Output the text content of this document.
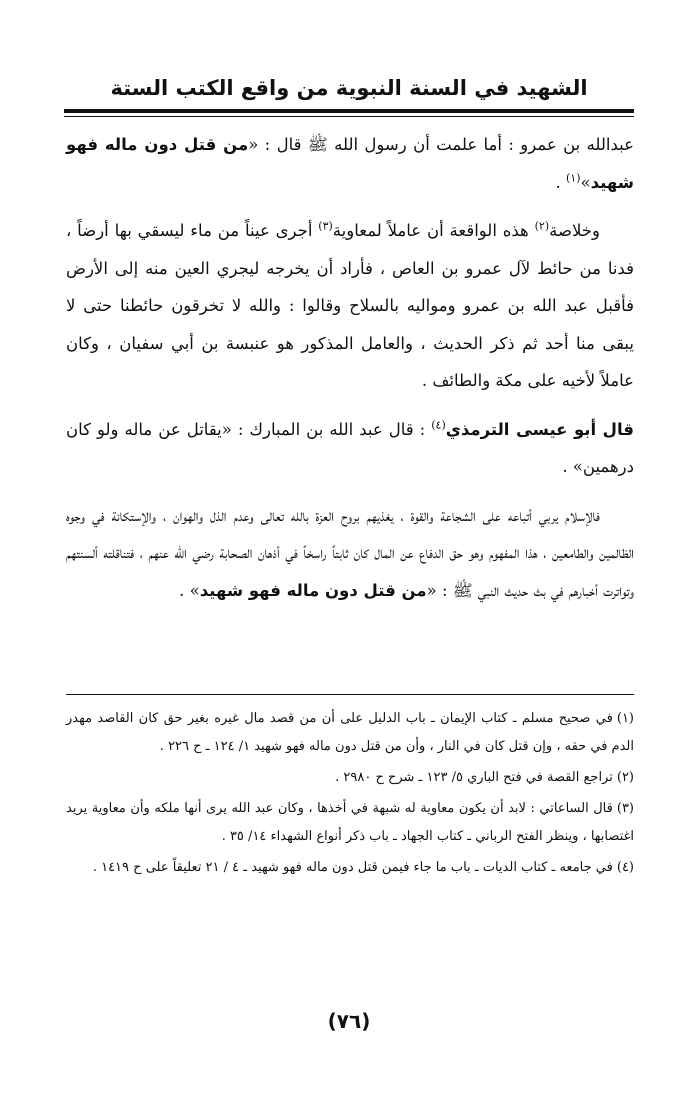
الشهيد في السنة النبوية من واقع الكتب الستة

عبدالله بن عمرو : أما علمت أن رسول الله ﷺ قال : «من قتل دون ماله فهو شهيد»$^{(١)}$ .

وخلاصة$^{(٢)}$ هذه الواقعة أن عاملاً لمعاوية$^{(٣)}$ أجرى عيناً من ماء ليسقي بها أرضاً ، فدنا من حائط لآل عمرو بن العاص ، فأراد أن يخرجه ليجري العين منه إلى الأرض فأقبل عبد الله بن عمرو ومواليه بالسلاح وقالوا : والله لا تخرقون حائطنا حتى لا يبقى منا أحد ثم ذكر الحديث ، والعامل المذكور هو عنبسة بن أبي سفيان ، وكان عاملاً لأخيه على مكة والطائف .

قال أبو عيسى الترمذي$^{(٤)}$ : قال عبد الله بن المبارك : «يقاتل عن ماله ولو كان درهمين» .

فالإسلام يربي أتباعه على الشجاعة والقوة ، يغذيهم بروح العزة بالله تعالى وعدم الذل والهوان ، والإستكانة في وجوه الظالمين والطامعين ، هذا المفهوم وهو حق الدفاع عن المال كان ثابتاً راسخاً في أذهان الصحابة رضي الله عنهم ، فتناقلته ألسنتهم وتواترت أخبارهم في بث حديث النبي ﷺ : «من قتل دون ماله فهو شهيد» .

(١)في صحيح مسلم ـ كتاب الإيمان ـ باب الدليل على أن من قصد مال غيره بغير حق كان القاصد مهدر الدم في حقه ، وإن قتل كان في النار ، وأن من قتل دون ماله فهو شهيد ١/ ١٢٤ ـ ح ٢٢٦ .
(٢)تراجع القصة في فتح الباري ٥/ ١٢٣ ـ شرح ح ٢٩٨٠ .
(٣)قال الساعاتي : لابد أن يكون معاوية له شبهة في أخذها ، وكان عبد الله يرى أنها ملكه وأن معاوية يريد اغتصابها ، وينظر الفتح الرباني ـ كتاب الجهاد ـ باب ذكر أنواع الشهداء ١٤/ ٣٥ .
(٤)في جامعه ـ كتاب الديات ـ باب ما جاء فيمن قتل دون ماله فهو شهيد ـ ٤ / ٢١ تعليقاً على ح ١٤١٩ .
(٧٦)
